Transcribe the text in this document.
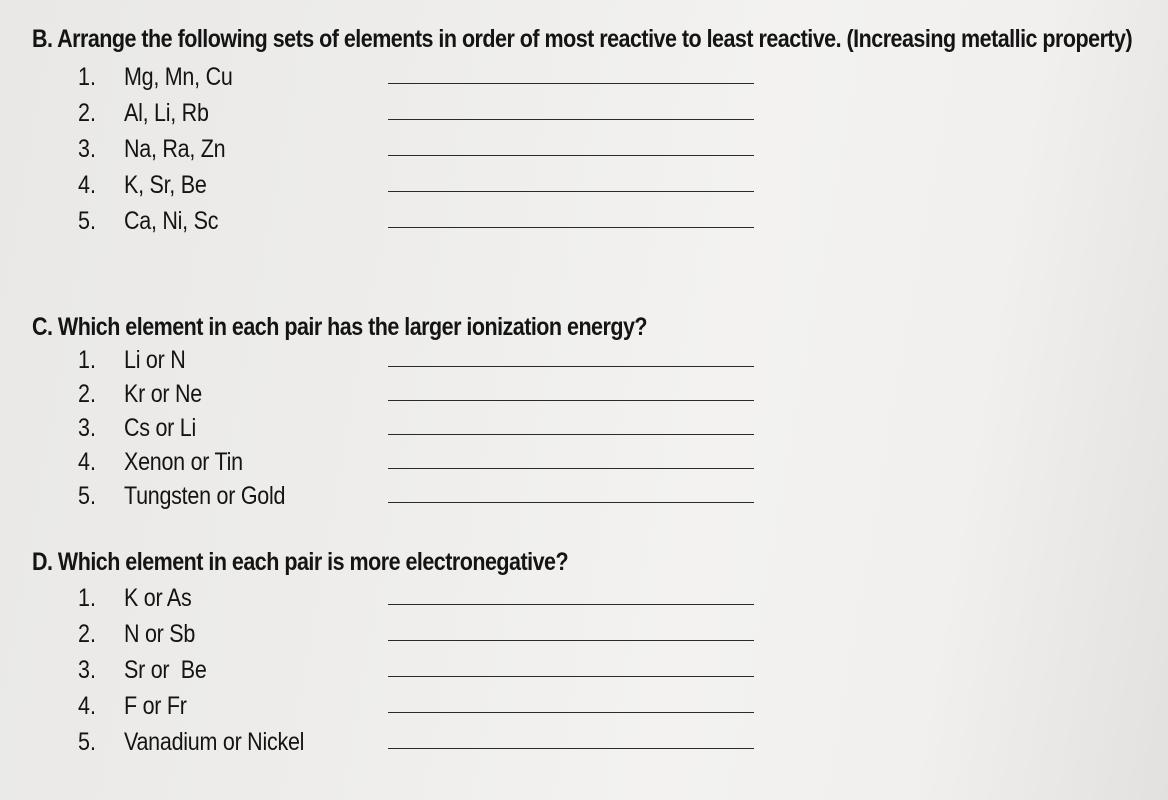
B. Arrange the following sets of elements in order of most reactive to least reactive. (Increasing metallic property)
1.	Mg, Mn, Cu
2.	Al, Li, Rb
3.	Na, Ra, Zn
4.	K, Sr, Be
5.	Ca, Ni, Sc
C. Which element in each pair has the larger ionization energy?
1.	Li or N
2.	Kr or Ne
3.	Cs or Li
4.	Xenon or Tin
5.	Tungsten or Gold
D. Which element in each pair is more electronegative?
1.	K or As
2.	N or Sb
3.	Sr or  Be
4.	F or Fr
5.	Vanadium or Nickel
